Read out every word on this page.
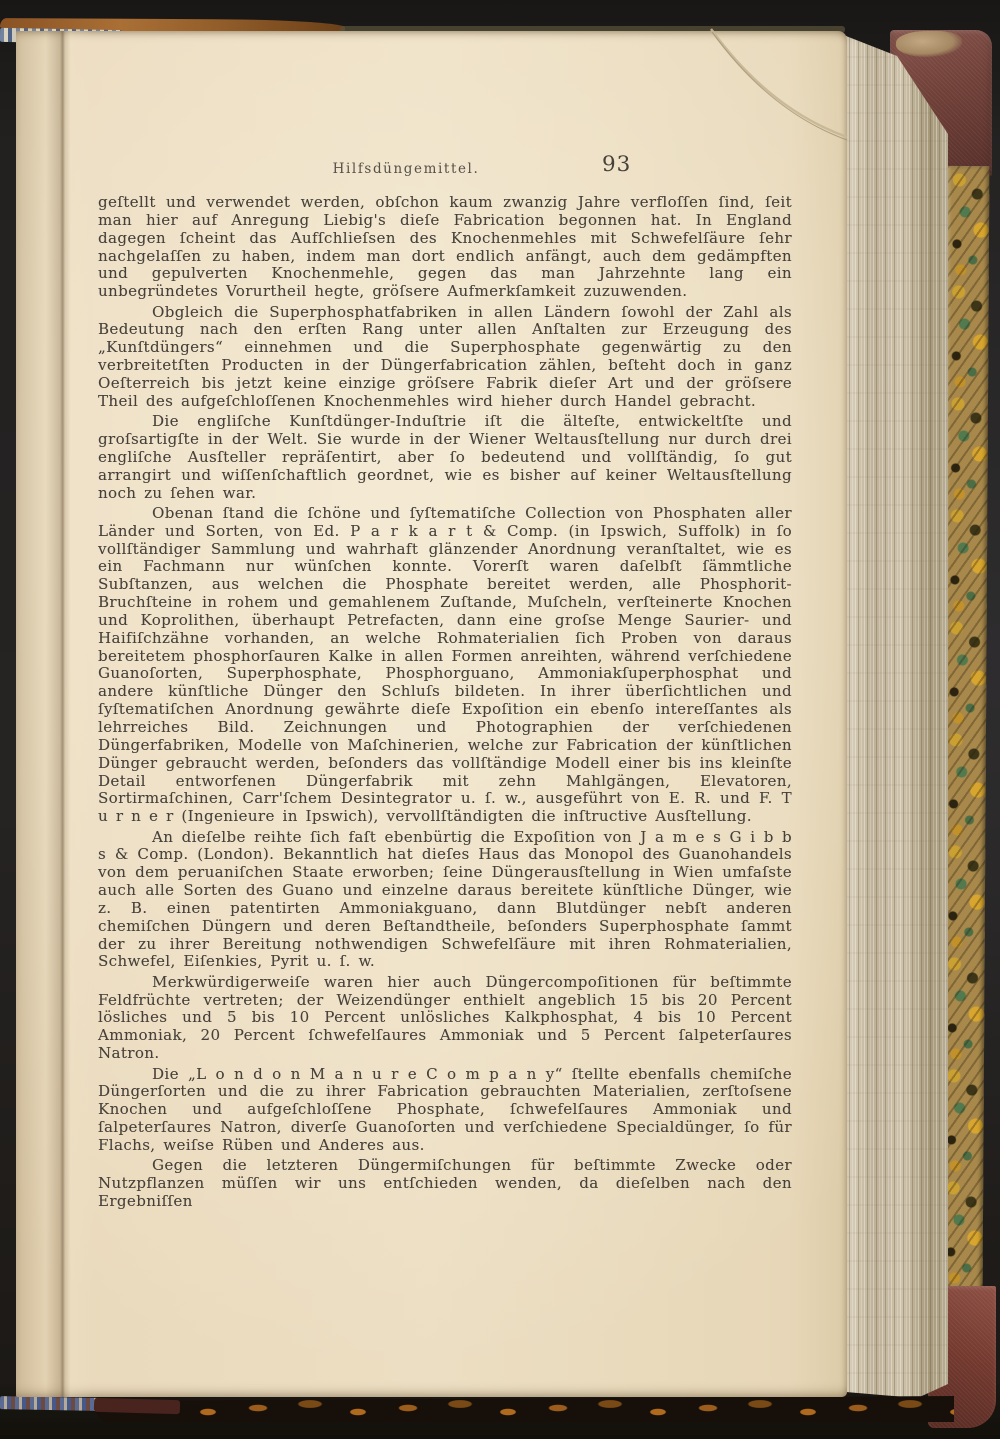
Hilfsdüngemittel.	93

geſtellt und verwendet werden, obſchon kaum zwanzig Jahre verfloſſen ſind, ſeit man hier auf Anregung Liebig's dieſe Fabrication begonnen hat. In England dagegen ſcheint das Aufſchlieſsen des Knochenmehles mit Schwefelſäure ſehr nachgelaſſen zu haben, indem man dort endlich anfängt, auch dem gedämpften und gepulverten Knochenmehle, gegen das man Jahrzehnte lang ein unbegründetes Vorurtheil hegte, gröſsere Aufmerkſamkeit zuzuwenden.

Obgleich die Superphosphatfabriken in allen Ländern ſowohl der Zahl als Bedeutung nach den erſten Rang unter allen Anſtalten zur Erzeugung des „Kunſtdüngers“ einnehmen und die Superphosphate gegenwärtig zu den verbreitetſten Producten in der Düngerfabrication zählen, beſteht doch in ganz Oeſterreich bis jetzt keine einzige gröſsere Fabrik dieſer Art und der gröſsere Theil des aufgeſchloſſenen Knochenmehles wird hieher durch Handel gebracht.

Die engliſche Kunſtdünger-Induſtrie iſt die älteſte, entwickeltſte und groſsartigſte in der Welt. Sie wurde in der Wiener Weltausſtellung nur durch drei engliſche Ausſteller repräſentirt, aber ſo bedeutend und vollſtändig, ſo gut arrangirt und wiſſenſchaftlich geordnet, wie es bisher auf keiner Weltausſtellung noch zu ſehen war.

Obenan ſtand die ſchöne und ſyſtematiſche Collection von Phosphaten aller Länder und Sorten, von Ed. P a r k a r t & Comp. (in Ipswich, Suffolk) in ſo vollſtändiger Sammlung und wahrhaft glänzender Anordnung veranſtaltet, wie es ein Fachmann nur wünſchen konnte. Vorerſt waren daſelbſt ſämmtliche Subſtanzen, aus welchen die Phosphate bereitet werden, alle Phosphorit-Bruchſteine in rohem und gemahlenem Zuſtande, Muſcheln, verſteinerte Knochen und Koprolithen, überhaupt Petrefacten, dann eine groſse Menge Saurier- und Haifiſchzähne vorhanden, an welche Rohmaterialien ſich Proben von daraus bereitetem phosphorſauren Kalke in allen Formen anreihten, während verſchiedene Guanoſorten, Superphosphate, Phosphorguano, Ammoniakſuperphosphat und andere künſtliche Dünger den Schluſs bildeten. In ihrer überſichtlichen und ſyſtematiſchen Anordnung gewährte dieſe Expoſition ein ebenſo intereſſantes als lehrreiches Bild. Zeichnungen und Photographien der verſchiedenen Düngerfabriken, Modelle von Maſchinerien, welche zur Fabrication der künſtlichen Dünger gebraucht werden, beſonders das vollſtändige Modell einer bis ins kleinſte Detail entworfenen Düngerfabrik mit zehn Mahlgängen, Elevatoren, Sortirmaſchinen, Carr'ſchem Desintegrator u. ſ. w., ausgeführt von E. R. und F. T u r n e r (Ingenieure in Ipswich), vervollſtändigten die inſtructive Ausſtellung.

An dieſelbe reihte ſich faſt ebenbürtig die Expoſition von J a m e s G i b b s & Comp. (London). Bekanntlich hat dieſes Haus das Monopol des Guanohandels von dem peruaniſchen Staate erworben; ſeine Düngerausſtellung in Wien umfaſste auch alle Sorten des Guano und einzelne daraus bereitete künſtliche Dünger, wie z. B. einen patentirten Ammoniakguano, dann Blutdünger nebſt anderen chemiſchen Düngern und deren Beſtandtheile, beſonders Superphosphate ſammt der zu ihrer Bereitung nothwendigen Schwefelſäure mit ihren Rohmaterialien, Schwefel, Eiſenkies, Pyrit u. ſ. w.

Merkwürdigerweiſe waren hier auch Düngercompoſitionen für beſtimmte Feldfrüchte vertreten; der Weizendünger enthielt angeblich 15 bis 20 Percent lösliches und 5 bis 10 Percent unlösliches Kalkphosphat, 4 bis 10 Percent Ammoniak, 20 Percent ſchwefelſaures Ammoniak und 5 Percent ſalpeterſaures Natron.

Die „L o n d o n M a n u r e C o m p a n y“ ſtellte ebenfalls chemiſche Düngerſorten und die zu ihrer Fabrication gebrauchten Materialien, zerſtoſsene Knochen und aufgeſchloſſene Phosphate, ſchwefelſaures Ammoniak und ſalpeterſaures Natron, diverſe Guanoſorten und verſchiedene Specialdünger, ſo für Flachs, weiſse Rüben und Anderes aus.

Gegen die letzteren Düngermiſchungen für beſtimmte Zwecke oder Nutzpflanzen müſſen wir uns entſchieden wenden, da dieſelben nach den Ergebniſſen
